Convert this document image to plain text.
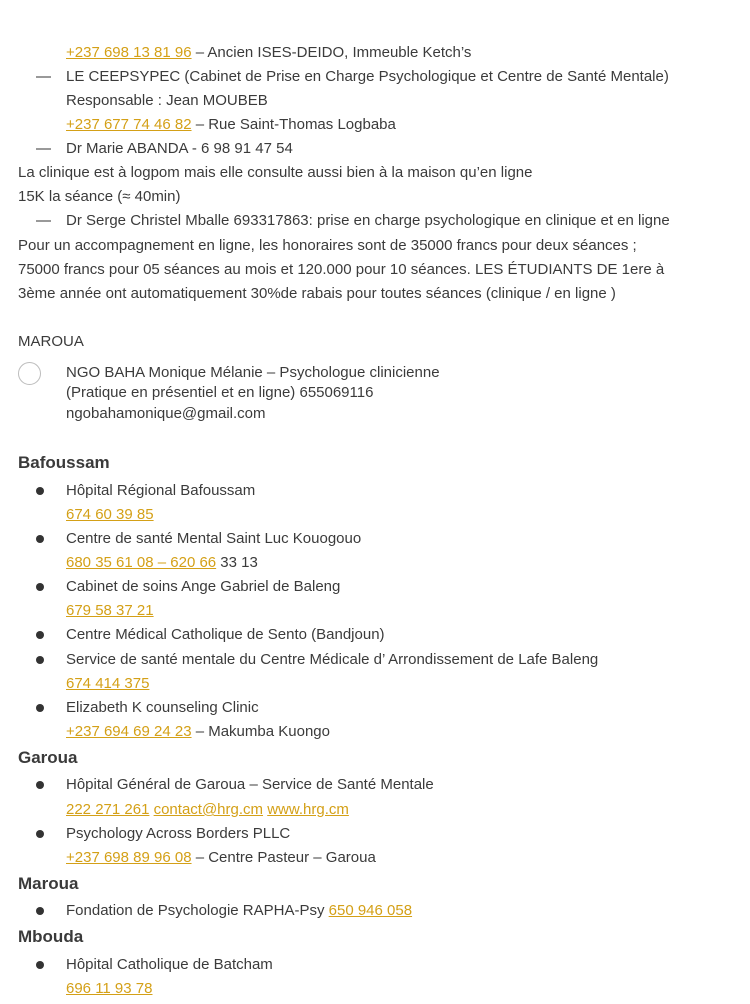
+237 698 13 81 96 – Ancien ISES-DEIDO, Immeuble Ketch’s
— LE CEEPSYPEC (Cabinet de Prise en Charge Psychologique et Centre de Santé Mentale)
Responsable : Jean MOUBEB
+237 677 74 46 82 – Rue Saint-Thomas Logbaba
— Dr Marie ABANDA - 6 98 91 47 54
La clinique est à logpom mais elle consulte aussi bien à la maison qu’en ligne
15K la séance (≈ 40min)
— Dr Serge Christel Mballe 693317863: prise en charge psychologique en clinique et en ligne
Pour un accompagnement en ligne, les honoraires sont de 35000 francs pour deux séances ;
75000 francs pour 05 séances au mois et 120.000 pour 10 séances. LES ÉTUDIANTS DE 1ere à
3ème année ont automatiquement 30%de rabais pour toutes séances (clinique / en ligne )
MAROUA
NGO BAHA Monique Mélanie – Psychologue clinicienne
(Pratique en présentiel et en ligne) 655069116
ngobahamonique@gmail.com
Bafoussam
Hôpital Régional Bafoussam
674 60 39 85
Centre de santé Mental Saint Luc Kouogouo
680 35 61 08 – 620 66 33 13
Cabinet de soins Ange Gabriel de Baleng
679 58 37 21
Centre Médical Catholique de Sento (Bandjoun)
Service de santé mentale du Centre Médicale d’ Arrondissement de Lafe Baleng
674 414 375
Elizabeth K counseling Clinic
+237 694 69 24 23 – Makumba Kuongo
Garoua
Hôpital Général de Garoua – Service de Santé Mentale
222 271 261 contact@hrg.cm www.hrg.cm
Psychology Across Borders PLLC
+237 698 89 96 08 – Centre Pasteur – Garoua
Maroua
Fondation de Psychologie RAPHA-Psy 650 946 058
Mbouda
Hôpital Catholique de Batcham
696 11 93 78
